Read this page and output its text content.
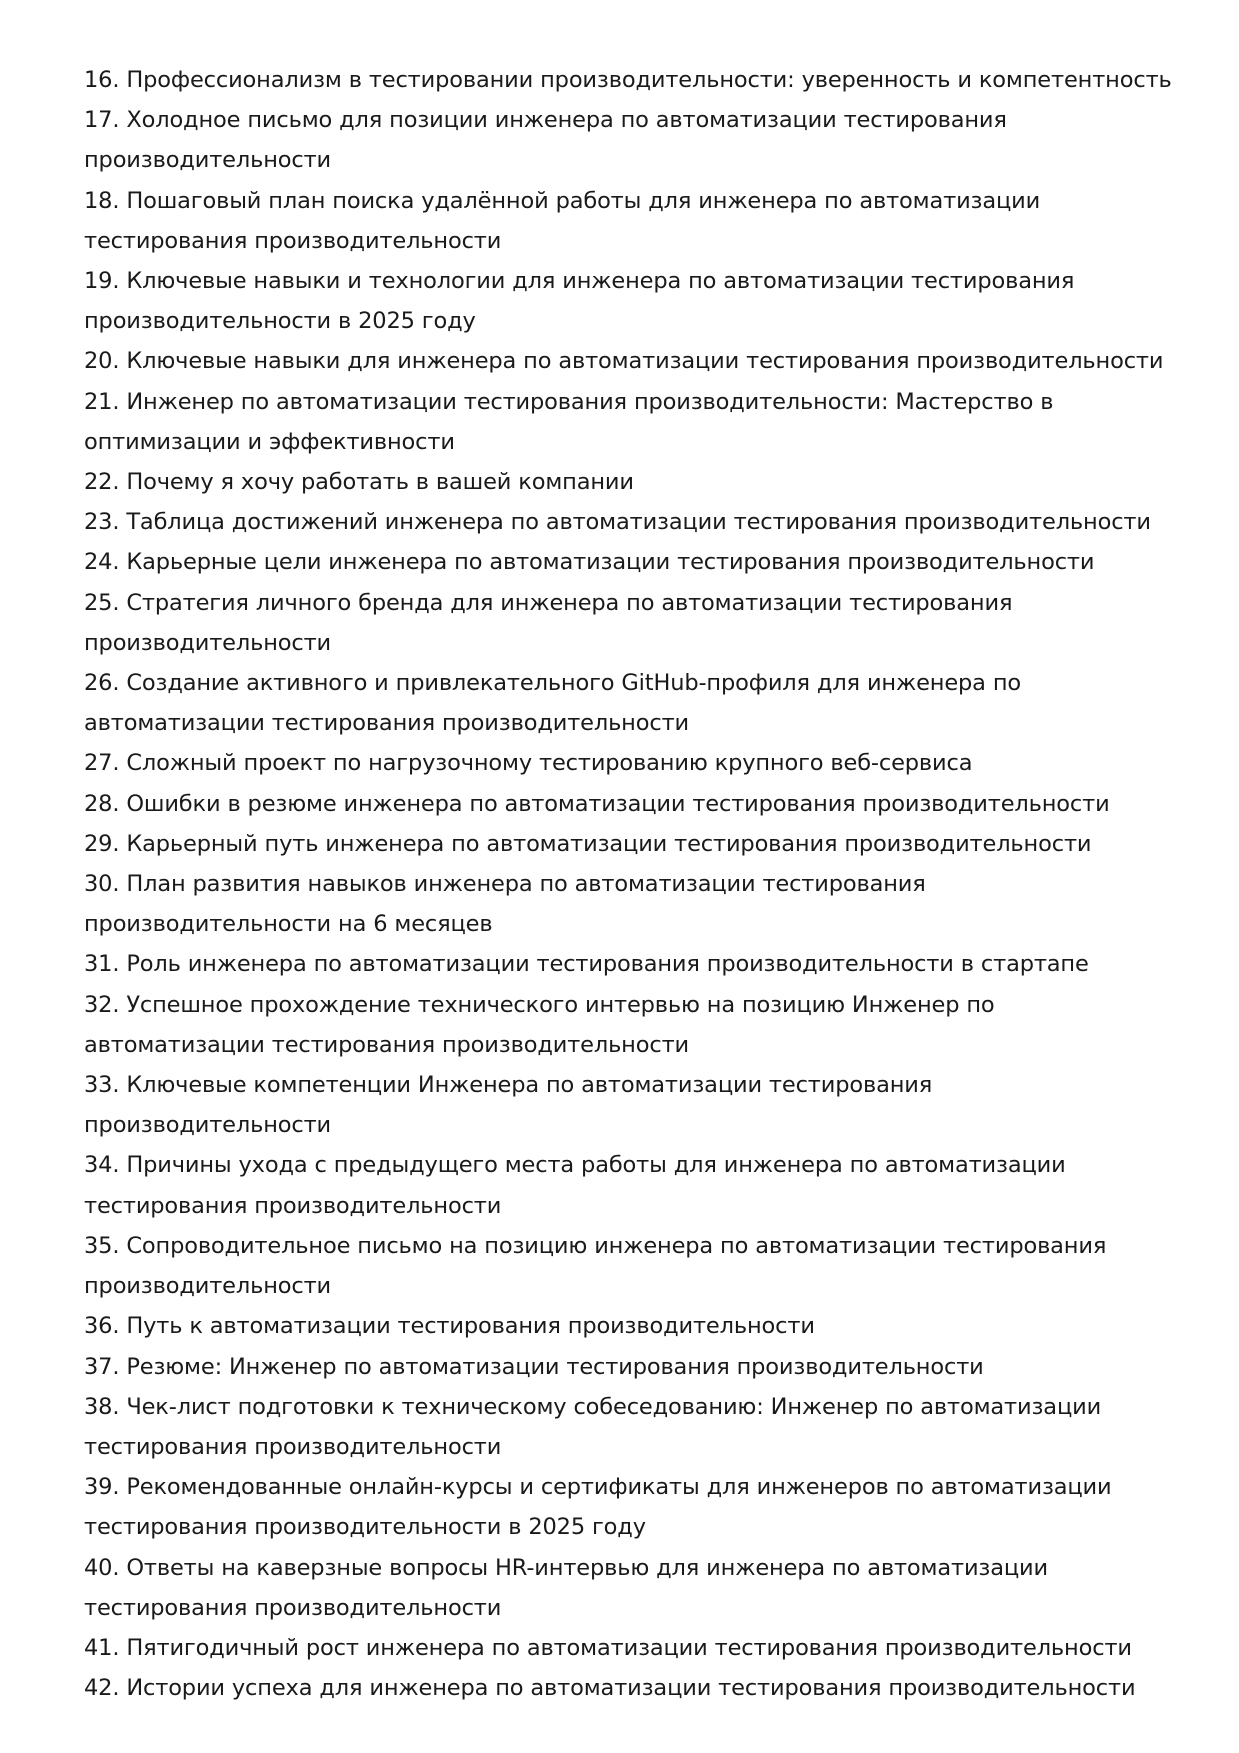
16. Профессионализм в тестировании производительности: уверенность и компетентность
17. Холодное письмо для позиции инженера по автоматизации тестирования производительности
18. Пошаговый план поиска удалённой работы для инженера по автоматизации тестирования производительности
19. Ключевые навыки и технологии для инженера по автоматизации тестирования производительности в 2025 году
20. Ключевые навыки для инженера по автоматизации тестирования производительности
21. Инженер по автоматизации тестирования производительности: Мастерство в оптимизации и эффективности
22. Почему я хочу работать в вашей компании
23. Таблица достижений инженера по автоматизации тестирования производительности
24. Карьерные цели инженера по автоматизации тестирования производительности
25. Стратегия личного бренда для инженера по автоматизации тестирования производительности
26. Создание активного и привлекательного GitHub-профиля для инженера по автоматизации тестирования производительности
27. Сложный проект по нагрузочному тестированию крупного веб-сервиса
28. Ошибки в резюме инженера по автоматизации тестирования производительности
29. Карьерный путь инженера по автоматизации тестирования производительности
30. План развития навыков инженера по автоматизации тестирования производительности на 6 месяцев
31. Роль инженера по автоматизации тестирования производительности в стартапе
32. Успешное прохождение технического интервью на позицию Инженер по автоматизации тестирования производительности
33. Ключевые компетенции Инженера по автоматизации тестирования производительности
34. Причины ухода с предыдущего места работы для инженера по автоматизации тестирования производительности
35. Сопроводительное письмо на позицию инженера по автоматизации тестирования производительности
36. Путь к автоматизации тестирования производительности
37. Резюме: Инженер по автоматизации тестирования производительности
38. Чек-лист подготовки к техническому собеседованию: Инженер по автоматизации тестирования производительности
39. Рекомендованные онлайн-курсы и сертификаты для инженеров по автоматизации тестирования производительности в 2025 году
40. Ответы на каверзные вопросы HR-интервью для инженера по автоматизации тестирования производительности
41. Пятигодичный рост инженера по автоматизации тестирования производительности
42. Истории успеха для инженера по автоматизации тестирования производительности
